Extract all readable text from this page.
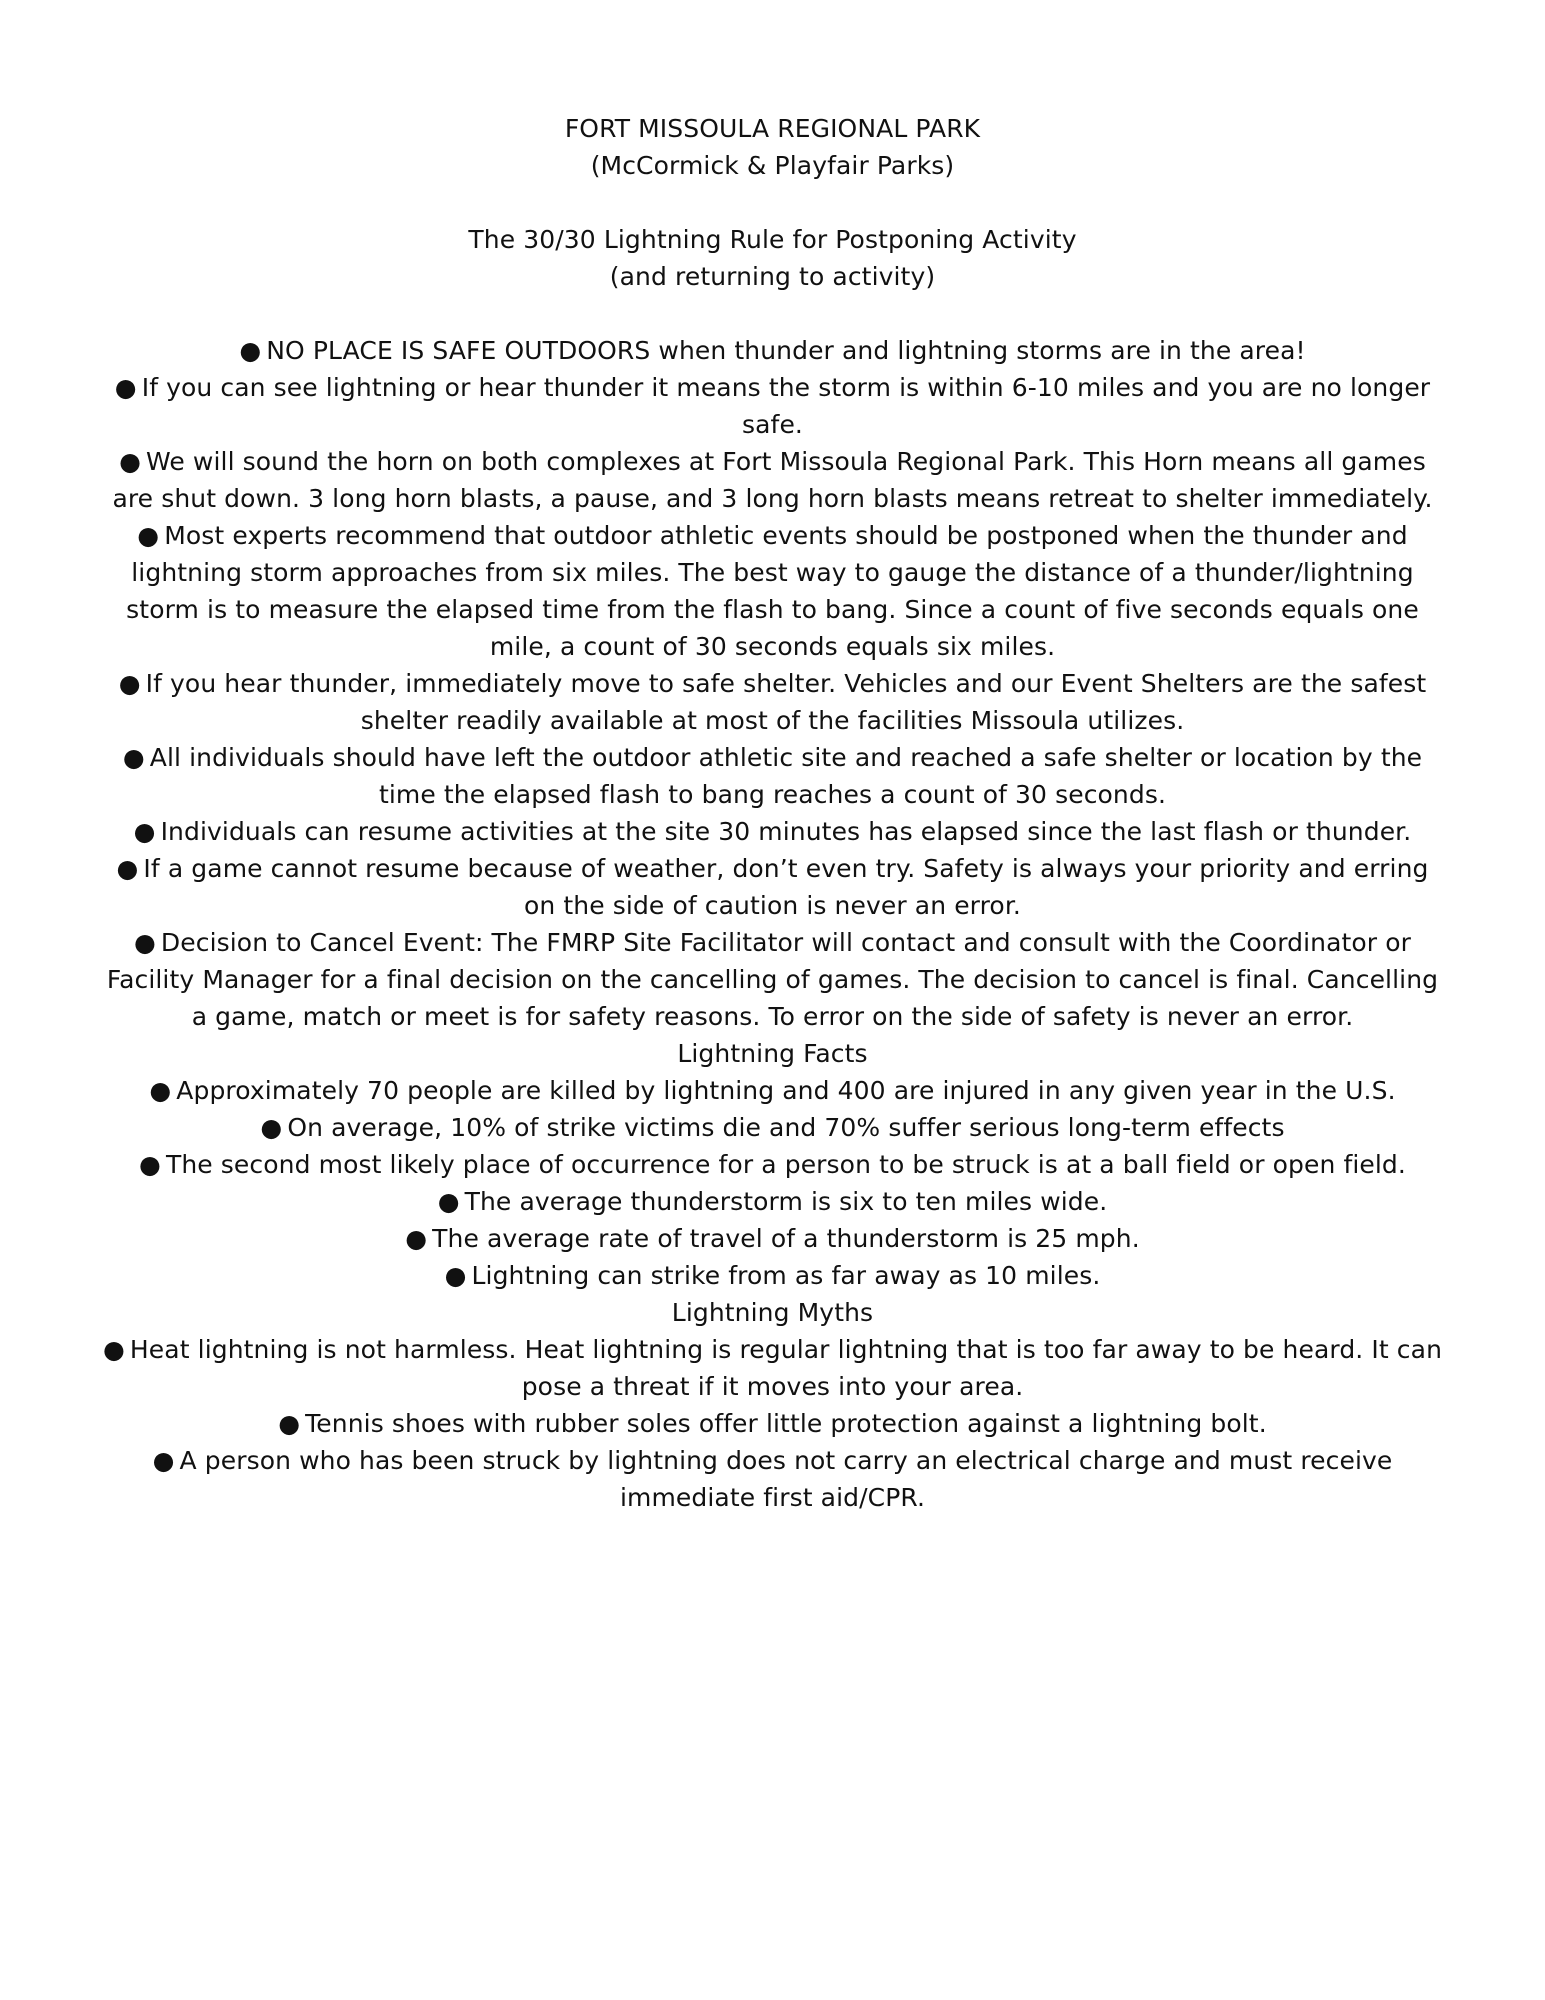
FORT MISSOULA REGIONAL PARK

(McCormick & Playfair Parks)

The 30/30 Lightning Rule for Postponing Activity

(and returning to activity)

● NO PLACE IS SAFE OUTDOORS when thunder and lightning storms are in the area!

● If you can see lightning or hear thunder it means the storm is within 6-10 miles and you are no longer safe.

● We will sound the horn on both complexes at Fort Missoula Regional Park. This Horn means all games are shut down. 3 long horn blasts, a pause, and 3 long horn blasts means retreat to shelter immediately.

● Most experts recommend that outdoor athletic events should be postponed when the thunder and lightning storm approaches from six miles. The best way to gauge the distance of a thunder/lightning storm is to measure the elapsed time from the flash to bang. Since a count of five seconds equals one mile, a count of 30 seconds equals six miles.

● If you hear thunder, immediately move to safe shelter. Vehicles and our Event Shelters are the safest shelter readily available at most of the facilities Missoula utilizes.

● All individuals should have left the outdoor athletic site and reached a safe shelter or location by the time the elapsed flash to bang reaches a count of 30 seconds.

● Individuals can resume activities at the site 30 minutes has elapsed since the last flash or thunder.

● If a game cannot resume because of weather, don’t even try. Safety is always your priority and erring on the side of caution is never an error.

● Decision to Cancel Event: The FMRP Site Facilitator will contact and consult with the Coordinator or Facility Manager for a final decision on the cancelling of games. The decision to cancel is final. Cancelling a game, match or meet is for safety reasons. To error on the side of safety is never an error.

Lightning Facts

● Approximately 70 people are killed by lightning and 400 are injured in any given year in the U.S.

● On average, 10% of strike victims die and 70% suffer serious long-term effects

● The second most likely place of occurrence for a person to be struck is at a ball field or open field.

● The average thunderstorm is six to ten miles wide.

● The average rate of travel of a thunderstorm is 25 mph.

● Lightning can strike from as far away as 10 miles.

Lightning Myths

● Heat lightning is not harmless. Heat lightning is regular lightning that is too far away to be heard. It can pose a threat if it moves into your area.

● Tennis shoes with rubber soles offer little protection against a lightning bolt.

● A person who has been struck by lightning does not carry an electrical charge and must receive immediate first aid/CPR.
